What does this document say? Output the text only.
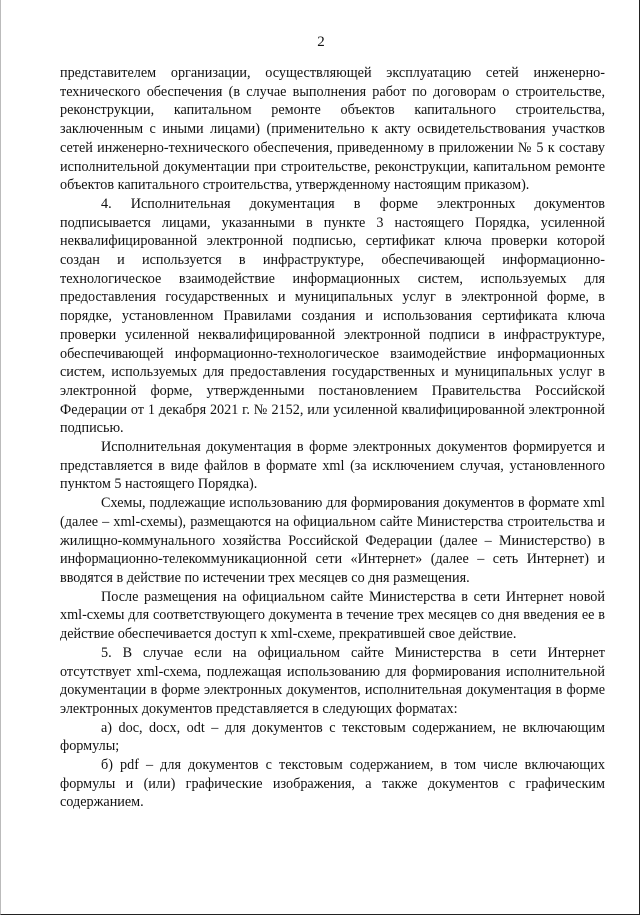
2

представителем организации, осуществляющей эксплуатацию сетей инженерно-технического обеспечения (в случае выполнения работ по договорам о строительстве, реконструкции, капитальном ремонте объектов капитального строительства, заключенным с иными лицами) (применительно к акту освидетельствования участков сетей инженерно-технического обеспечения, приведенному в приложении № 5 к составу исполнительной документации при строительстве, реконструкции, капитальном ремонте объектов капитального строительства, утвержденному настоящим приказом).

4. Исполнительная документация в форме электронных документов подписывается лицами, указанными в пункте 3 настоящего Порядка, усиленной неквалифицированной электронной подписью, сертификат ключа проверки которой создан и используется в инфраструктуре, обеспечивающей информационно-технологическое взаимодействие информационных систем, используемых для предоставления государственных и муниципальных услуг в электронной форме, в порядке, установленном Правилами создания и использования сертификата ключа проверки усиленной неквалифицированной электронной подписи в инфраструктуре, обеспечивающей информационно-технологическое взаимодействие информационных систем, используемых для предоставления государственных и муниципальных услуг в электронной форме, утвержденными постановлением Правительства Российской Федерации от 1 декабря 2021 г. № 2152, или усиленной квалифицированной электронной подписью.

Исполнительная документация в форме электронных документов формируется и представляется в виде файлов в формате xml (за исключением случая, установленного пунктом 5 настоящего Порядка).

Схемы, подлежащие использованию для формирования документов в формате xml (далее – xml-схемы), размещаются на официальном сайте Министерства строительства и жилищно-коммунального хозяйства Российской Федерации (далее – Министерство) в информационно-телекоммуникационной сети «Интернет» (далее – сеть Интернет) и вводятся в действие по истечении трех месяцев со дня размещения.

После размещения на официальном сайте Министерства в сети Интернет новой xml-схемы для соответствующего документа в течение трех месяцев со дня введения ее в действие обеспечивается доступ к xml-схеме, прекратившей свое действие.

5. В случае если на официальном сайте Министерства в сети Интернет отсутствует xml-схема, подлежащая использованию для формирования исполнительной документации в форме электронных документов, исполнительная документация в форме электронных документов представляется в следующих форматах:

а) doc, docx, odt – для документов с текстовым содержанием, не включающим формулы;

б) pdf – для документов с текстовым содержанием, в том числе включающих формулы и (или) графические изображения, а также документов с графическим содержанием.
